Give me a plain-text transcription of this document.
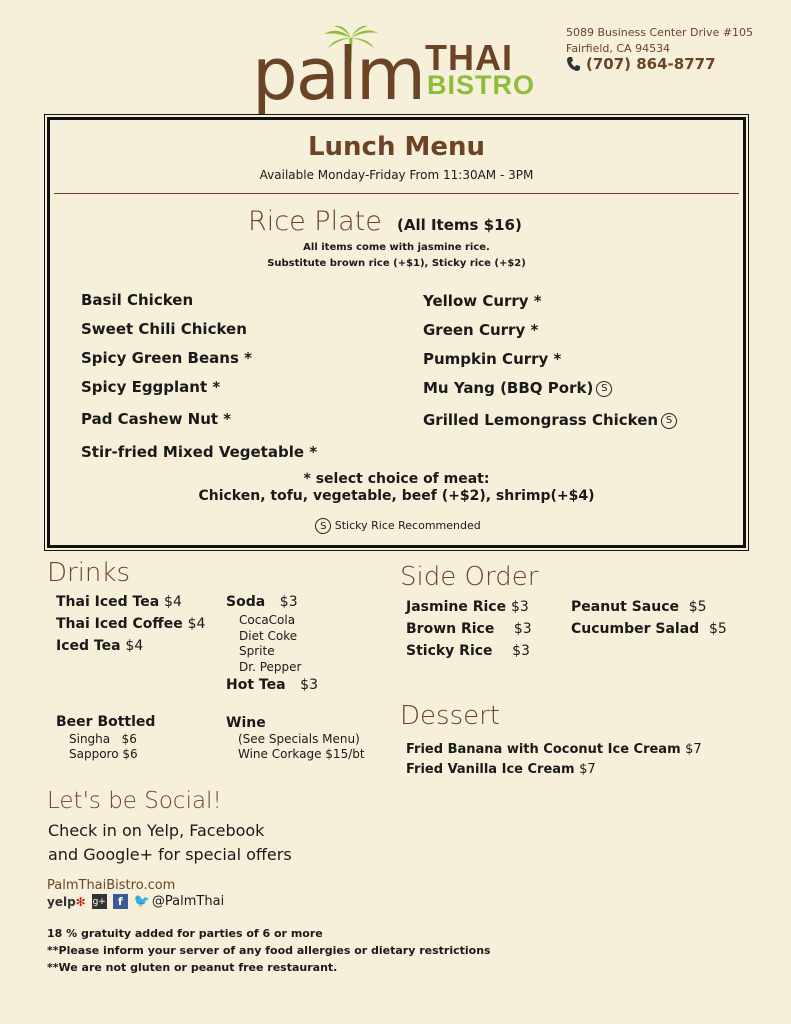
palm THAI
BISTRO
5089 Business Center Drive #105
Fairfield, CA 94534
(707) 864-8777
Lunch Menu
Available Monday-Friday From 11:30AM - 3PM
Rice Plate (All Items $16)
All items come with jasmine rice.
Substitute brown rice (+$1), Sticky rice (+$2)
Basil Chicken
Sweet Chili Chicken
Spicy Green Beans *
Spicy Eggplant *
Pad Cashew Nut *
Stir-fried Mixed Vegetable *
Yellow Curry *
Green Curry *
Pumpkin Curry *
Mu Yang (BBQ Pork) S
Grilled Lemongrass Chicken S
* select choice of meat:
Chicken, tofu, vegetable, beef (+$2), shrimp(+$4)
S Sticky Rice Recommended
Drinks
Thai Iced Tea $4
Thai Iced Coffee $4
Iced Tea $4
Soda $3
CocaCola
Diet Coke
Sprite
Dr. Pepper
Hot Tea $3
Beer Bottled
Singha   $6
Sapporo $6
Wine
(See Specials Menu)
Wine Corkage $15/bt
Side Order
Jasmine Rice $3
Brown Rice $3
Sticky Rice $3
Peanut Sauce $5
Cucumber Salad $5
Dessert
Fried Banana with Coconut Ice Cream $7
Fried Vanilla Ice Cream $7
Let's be Social!
Check in on Yelp, Facebook
and Google+ for special offers
PalmThaiBistro.com
yelp✻ g+	f 🐦 @PalmThai
18 % gratuity added for parties of 6 or more
**Please inform your server of any food allergies or dietary restrictions
**We are not gluten or peanut free restaurant.
